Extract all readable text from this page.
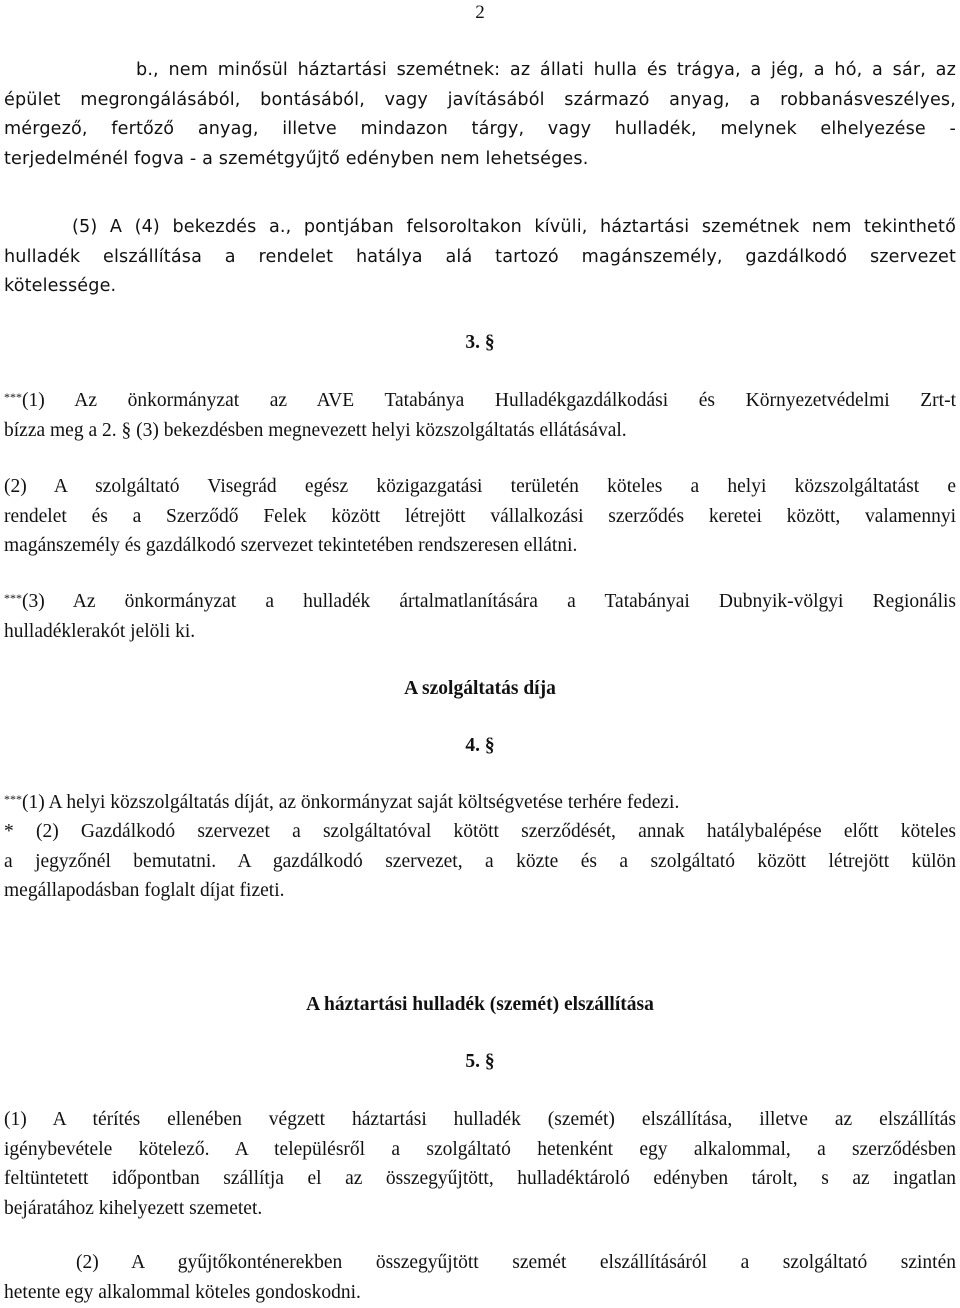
2
b., nem minősül háztartási szemétnek: az állati hulla és trágya, a jég, a hó, a sár, az
épület megrongálásából, bontásából, vagy javításából származó anyag, a robbanásveszélyes,
mérgező, fertőző anyag, illetve mindazon tárgy, vagy hulladék, melynek elhelyezése -
terjedelménél fogva - a szemétgyűjtő edényben nem lehetséges.
(5) A (4) bekezdés a., pontjában felsoroltakon kívüli, háztartási szemétnek nem tekinthető
hulladék elszállítása a rendelet hatálya alá tartozó magánszemély, gazdálkodó szervezet
kötelessége.
3. §
***(1) Az önkormányzat az AVE Tatabánya Hulladékgazdálkodási és Környezetvédelmi Zrt-t
bízza meg a 2. § (3) bekezdésben megnevezett helyi közszolgáltatás ellátásával.
(2) A szolgáltató Visegrád egész közigazgatási területén köteles a helyi közszolgáltatást e
rendelet és a Szerződő Felek között létrejött vállalkozási szerződés keretei között, valamennyi
magánszemély és gazdálkodó szervezet tekintetében rendszeresen ellátni.
***(3) Az önkormányzat a hulladék ártalmatlanítására a Tatabányai Dubnyik-völgyi Regionális
hulladéklerakót jelöli ki.
A szolgáltatás díja
4. §
***(1) A helyi közszolgáltatás díját, az önkormányzat saját költségvetése terhére fedezi.
* (2) Gazdálkodó szervezet a szolgáltatóval kötött szerződését, annak hatálybalépése előtt köteles
a jegyzőnél bemutatni. A gazdálkodó szervezet, a közte és a szolgáltató között létrejött külön
megállapodásban foglalt díjat fizeti.
A háztartási hulladék (szemét) elszállítása
5. §
(1) A térítés ellenében végzett háztartási hulladék (szemét) elszállítása, illetve az elszállítás
igénybevétele kötelező. A településről a szolgáltató hetenként egy alkalommal, a szerződésben
feltüntetett időpontban szállítja el az összegyűjtött, hulladéktároló edényben tárolt, s az ingatlan
bejáratához kihelyezett szemetet.
(2) A gyűjtőkonténerekben összegyűjtött szemét elszállításáról a szolgáltató szintén
hetente egy alkalommal köteles gondoskodni.
